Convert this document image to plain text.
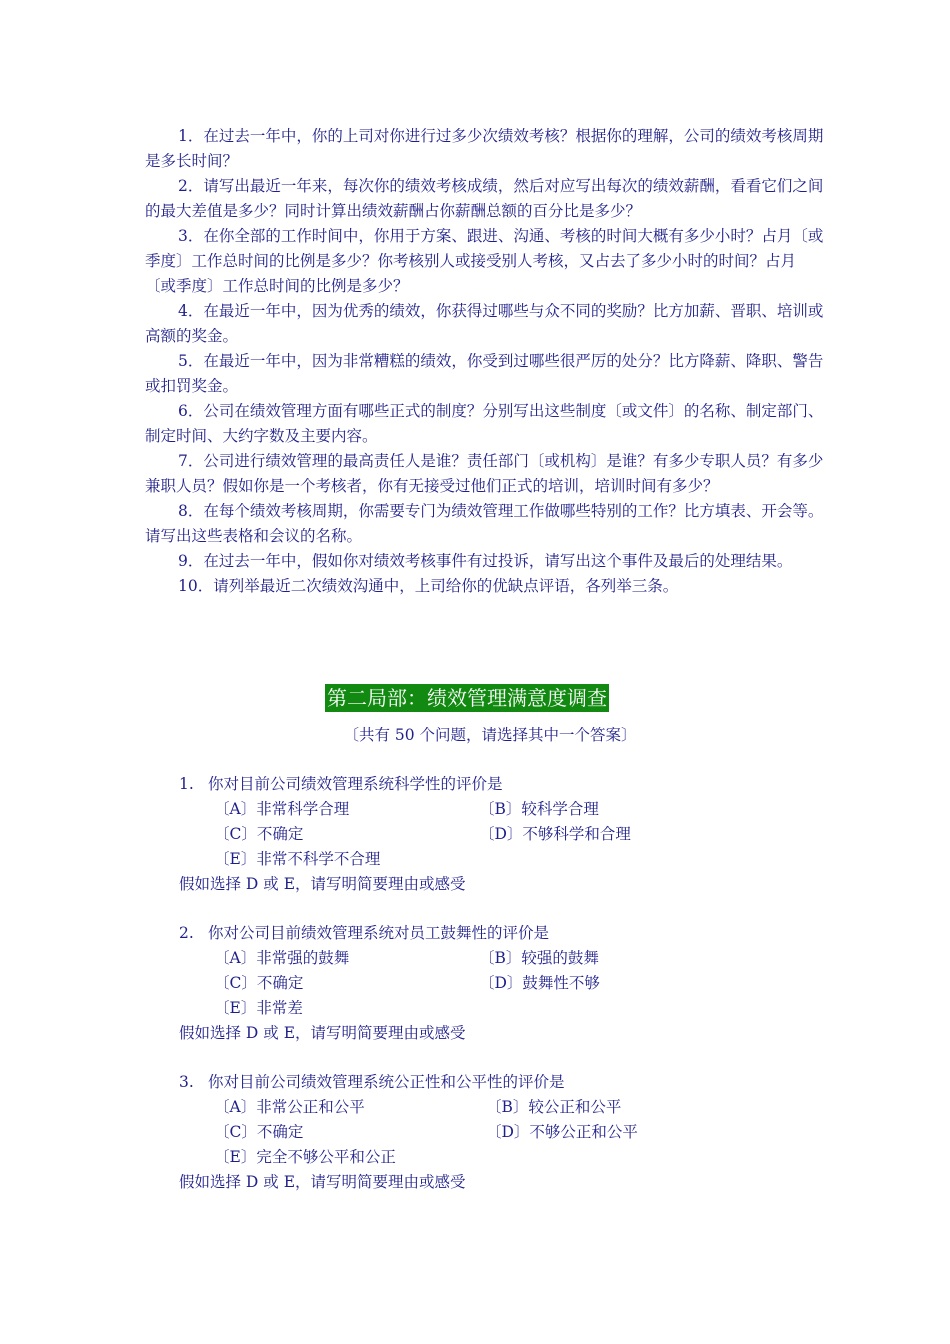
1．在过去一年中，你的上司对你进行过多少次绩效考核？根据你的理解，公司的绩效考核周期是多长时间？

2．请写出最近一年来，每次你的绩效考核成绩，然后对应写出每次的绩效薪酬，看看它们之间的最大差值是多少？同时计算出绩效薪酬占你薪酬总额的百分比是多少？

3．在你全部的工作时间中，你用于方案、跟进、沟通、考核的时间大概有多少小时？占月〔或季度〕工作总时间的比例是多少？你考核别人或接受别人考核，又占去了多少小时的时间？占月〔或季度〕工作总时间的比例是多少？

4．在最近一年中，因为优秀的绩效，你获得过哪些与众不同的奖励？比方加薪、晋职、培训或高额的奖金。

5．在最近一年中，因为非常糟糕的绩效，你受到过哪些很严厉的处分？比方降薪、降职、警告或扣罚奖金。

6．公司在绩效管理方面有哪些正式的制度？分别写出这些制度〔或文件〕的名称、制定部门、制定时间、大约字数及主要内容。

7．公司进行绩效管理的最高责任人是谁？责任部门〔或机构〕是谁？有多少专职人员？有多少兼职人员？假如你是一个考核者，你有无接受过他们正式的培训，培训时间有多少？

8．在每个绩效考核周期，你需要专门为绩效管理工作做哪些特别的工作？比方填表、开会等。请写出这些表格和会议的名称。

9．在过去一年中，假如你对绩效考核事件有过投诉，请写出这个事件及最后的处理结果。

10．请列举最近二次绩效沟通中，上司给你的优缺点评语，各列举三条。

第二局部：绩效管理满意度调查
〔共有 50 个问题，请选择其中一个答案〕
1. 你对目前公司绩效管理系统科学性的评价是
〔A〕非常科学合理	〔B〕较科学合理
〔C〕不确定	〔D〕不够科学和合理
〔E〕非常不科学不合理
假如选择 D 或 E，请写明简要理由或感受
2. 你对公司目前绩效管理系统对员工鼓舞性的评价是
〔A〕非常强的鼓舞	〔B〕较强的鼓舞
〔C〕不确定	〔D〕鼓舞性不够
〔E〕非常差
假如选择 D 或 E，请写明简要理由或感受
3. 你对目前公司绩效管理系统公正性和公平性的评价是
〔A〕非常公正和公平	〔B〕较公正和公平
〔C〕不确定	〔D〕不够公正和公平
〔E〕完全不够公平和公正
假如选择 D 或 E，请写明简要理由或感受
